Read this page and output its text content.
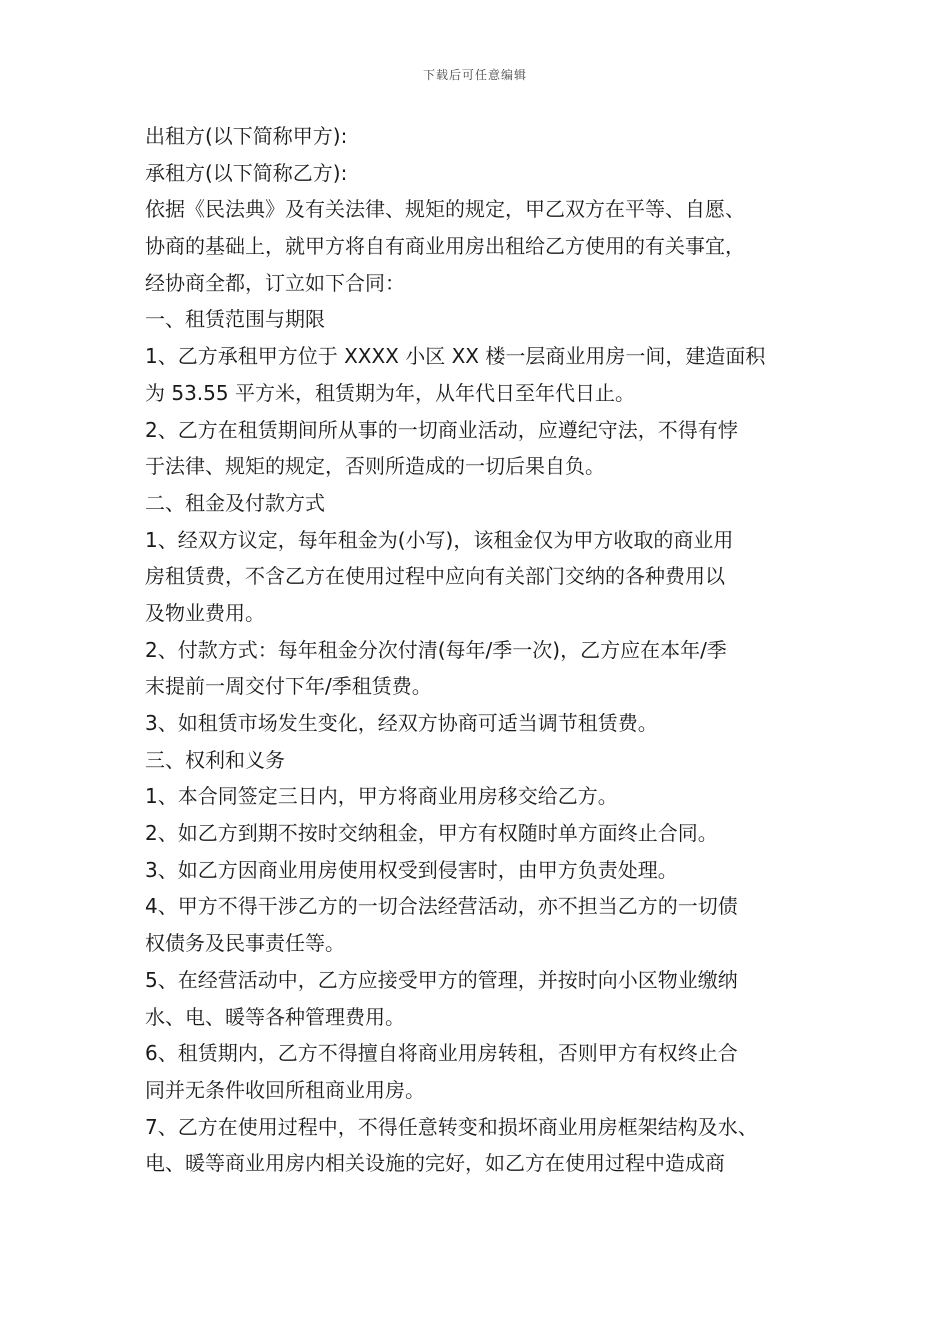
下载后可任意编辑
出租方(以下简称甲方):
承租方(以下简称乙方):
依据《民法典》及有关法律、规矩的规定，甲乙双方在平等、自愿、
协商的基础上，就甲方将自有商业用房出租给乙方使用的有关事宜，
经协商全都，订立如下合同：
一、租赁范围与期限
1、乙方承租甲方位于 XXXX 小区 XX 楼一层商业用房一间，建造面积
为 53.55 平方米，租赁期为年，从年代日至年代日止。
2、乙方在租赁期间所从事的一切商业活动，应遵纪守法，不得有悖
于法律、规矩的规定，否则所造成的一切后果自负。
二、租金及付款方式
1、经双方议定，每年租金为(小写)，该租金仅为甲方收取的商业用
房租赁费，不含乙方在使用过程中应向有关部门交纳的各种费用以
及物业费用。
2、付款方式：每年租金分次付清(每年/季一次)，乙方应在本年/季
末提前一周交付下年/季租赁费。
3、如租赁市场发生变化，经双方协商可适当调节租赁费。
三、权利和义务
1、本合同签定三日内，甲方将商业用房移交给乙方。
2、如乙方到期不按时交纳租金，甲方有权随时单方面终止合同。
3、如乙方因商业用房使用权受到侵害时，由甲方负责处理。
4、甲方不得干涉乙方的一切合法经营活动，亦不担当乙方的一切债
权债务及民事责任等。
5、在经营活动中，乙方应接受甲方的管理，并按时向小区物业缴纳
水、电、暖等各种管理费用。
6、租赁期内，乙方不得擅自将商业用房转租，否则甲方有权终止合
同并无条件收回所租商业用房。
7、乙方在使用过程中，不得任意转变和损坏商业用房框架结构及水、
电、暖等商业用房内相关设施的完好，如乙方在使用过程中造成商
